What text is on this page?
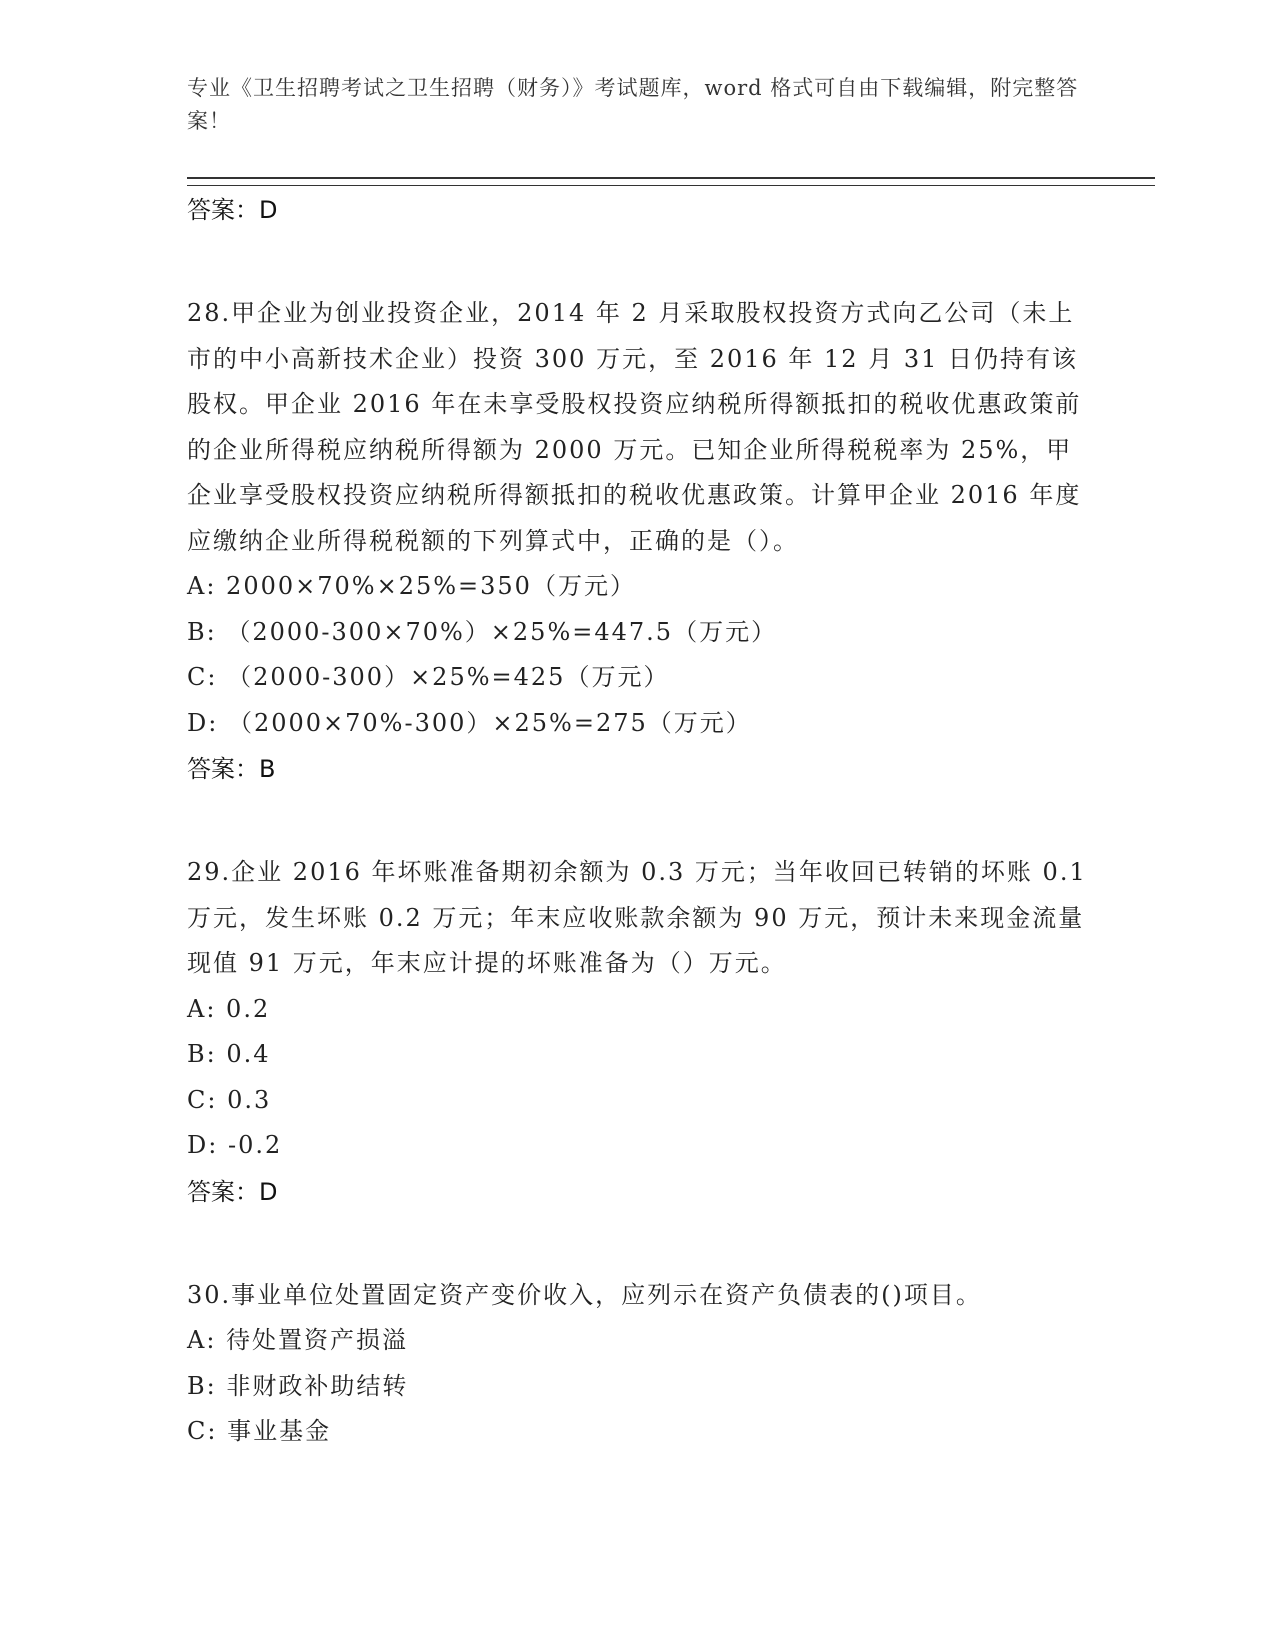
专业《卫生招聘考试之卫生招聘（财务）》考试题库，word 格式可自由下载编辑，附完整答案！
答案：D

28.甲企业为创业投资企业，2014 年 2 月采取股权投资方式向乙公司（未上市的中小高新技术企业）投资 300 万元，至 2016 年 12 月 31 日仍持有该股权。甲企业 2016 年在未享受股权投资应纳税所得额抵扣的税收优惠政策前的企业所得税应纳税所得额为 2000 万元。已知企业所得税税率为 25%，甲企业享受股权投资应纳税所得额抵扣的税收优惠政策。计算甲企业 2016 年度应缴纳企业所得税税额的下列算式中，正确的是（）。

A: 2000×70%×25%=350（万元）
B: （2000-300×70%）×25%=447.5（万元）
C: （2000-300）×25%=425（万元）
D: （2000×70%-300）×25%=275（万元）
答案：B

29.企业 2016 年坏账准备期初余额为 0.3 万元；当年收回已转销的坏账 0.1 万元，发生坏账 0.2 万元；年末应收账款余额为 90 万元，预计未来现金流量现值 91 万元，年末应计提的坏账准备为（）万元。

A: 0.2
B: 0.4
C: 0.3
D: -0.2
答案：D

30.事业单位处置固定资产变价收入，应列示在资产负债表的()项目。

A: 待处置资产损溢
B: 非财政补助结转
C: 事业基金
